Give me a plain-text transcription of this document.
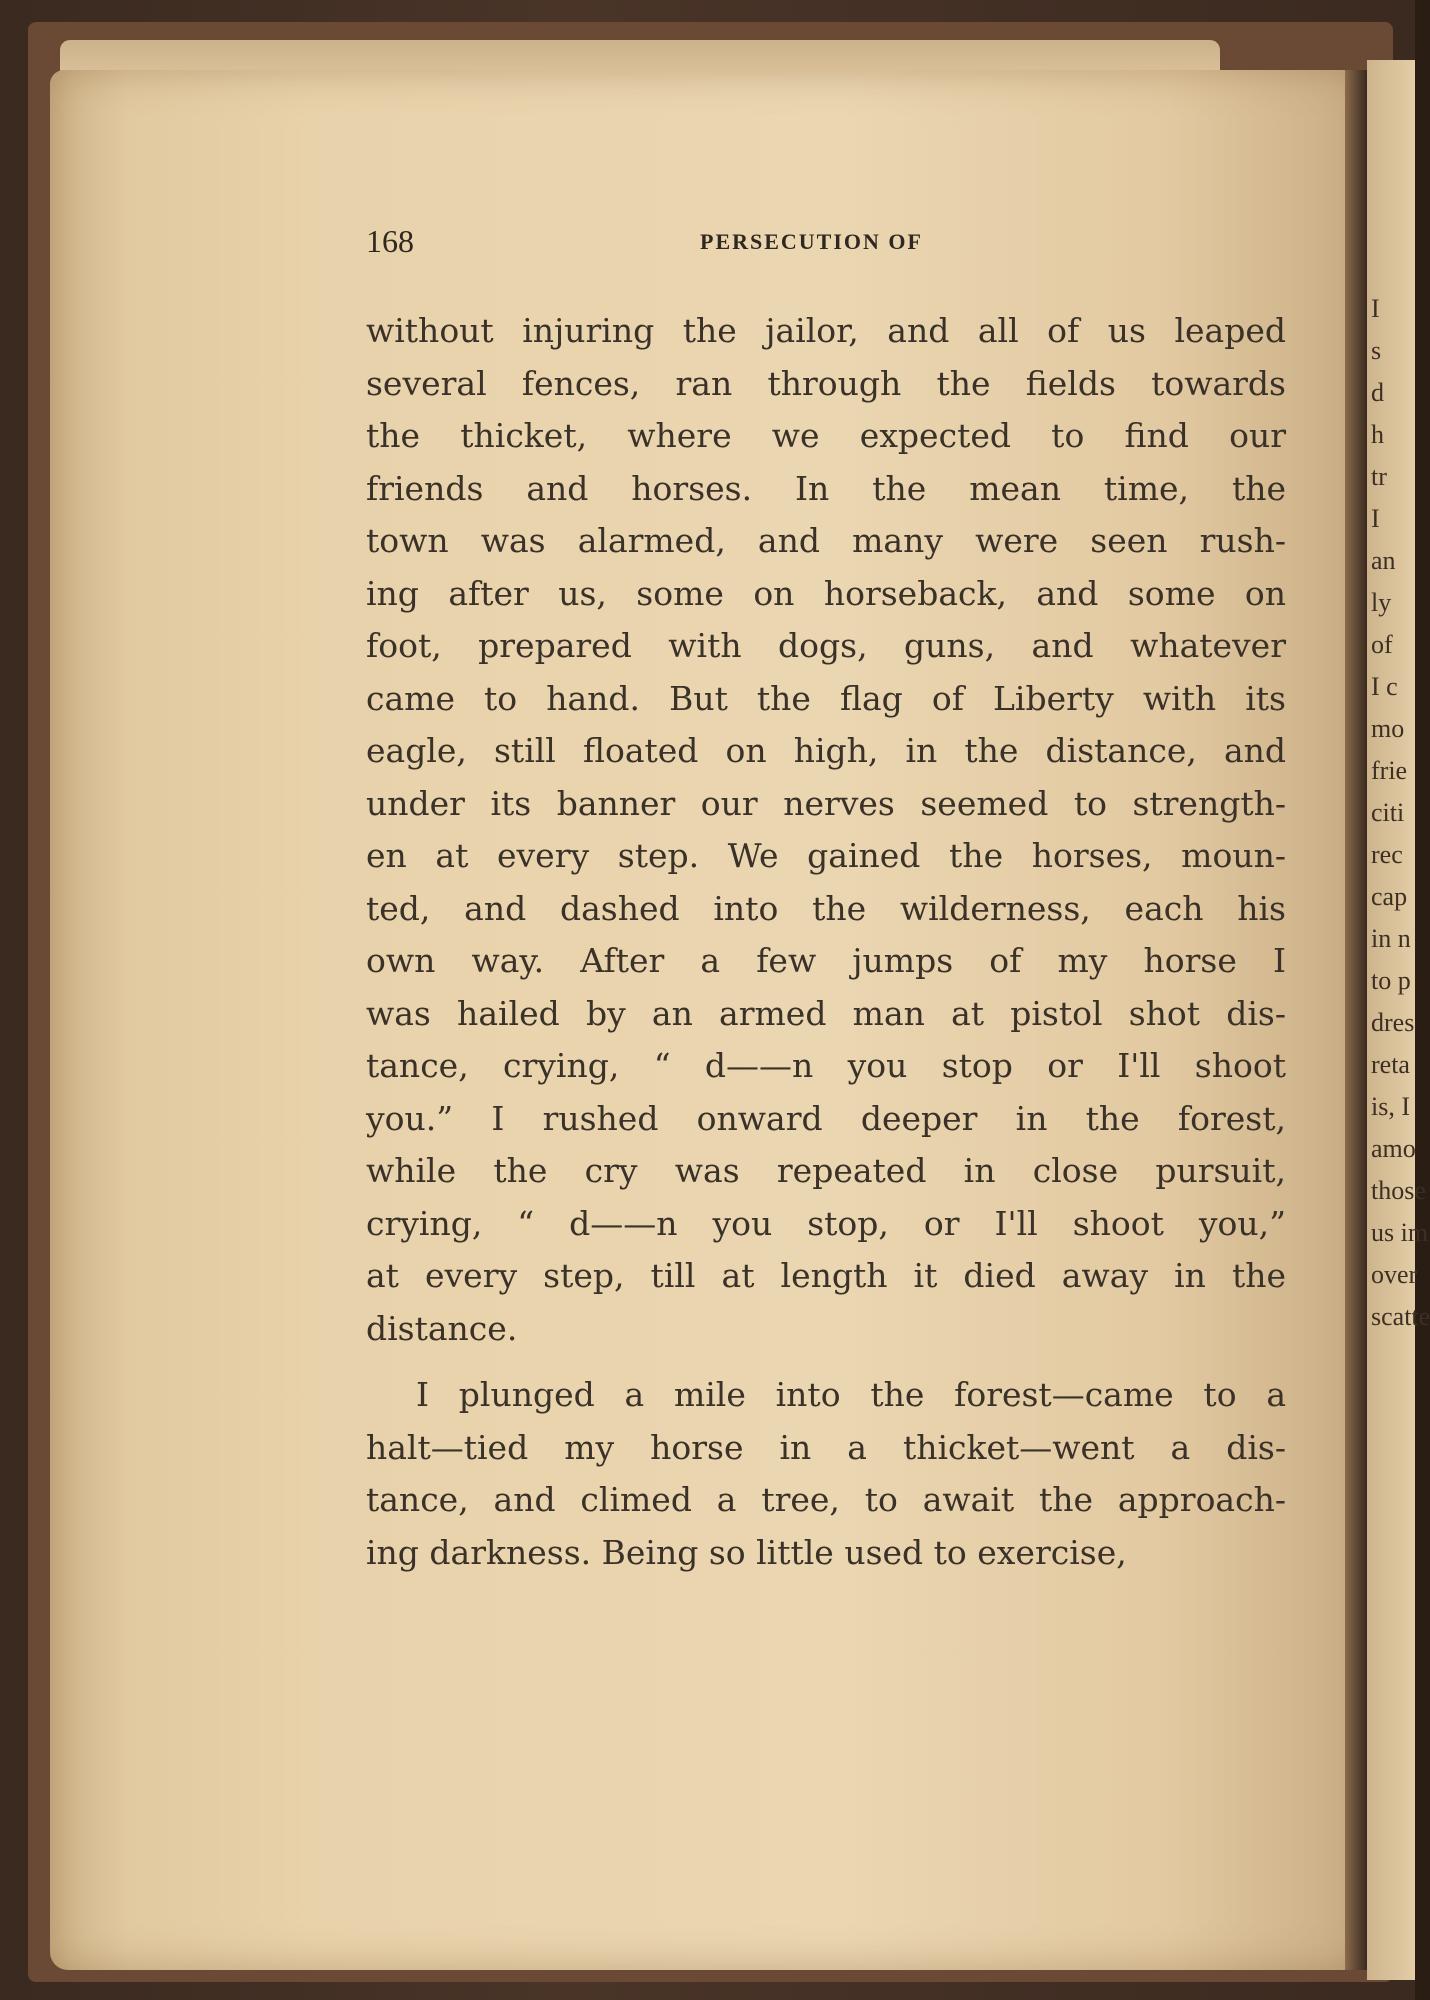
I
s
d
h
tr
I
an
ly
of
I c
mo
frie
citi
rec
cap
in n
to p
dres
reta
is, I
amo
those
us im
over
scatte
168	PERSECUTION OF
without injuring the jailor, and all of us leaped
several fences, ran through the fields towards
the thicket, where we expected to find our
friends and horses. In the mean time, the
town was alarmed, and many were seen rush-
ing after us, some on horseback, and some on
foot, prepared with dogs, guns, and whatever
came to hand. But the flag of Liberty with its
eagle, still floated on high, in the distance, and
under its banner our nerves seemed to strength-
en at every step. We gained the horses, moun-
ted, and dashed into the wilderness, each his
own way. After a few jumps of my horse I
was hailed by an armed man at pistol shot dis-
tance, crying, “ d——n you stop or I'll shoot
you.” I rushed onward deeper in the forest,
while the cry was repeated in close pursuit,
crying, “ d——n you stop, or I'll shoot you,”
at every step, till at length it died away in the
distance.
I plunged a mile into the forest—came to a
halt—tied my horse in a thicket—went a dis-
tance, and climed a tree, to await the approach-
ing darkness. Being so little used to exercise,
